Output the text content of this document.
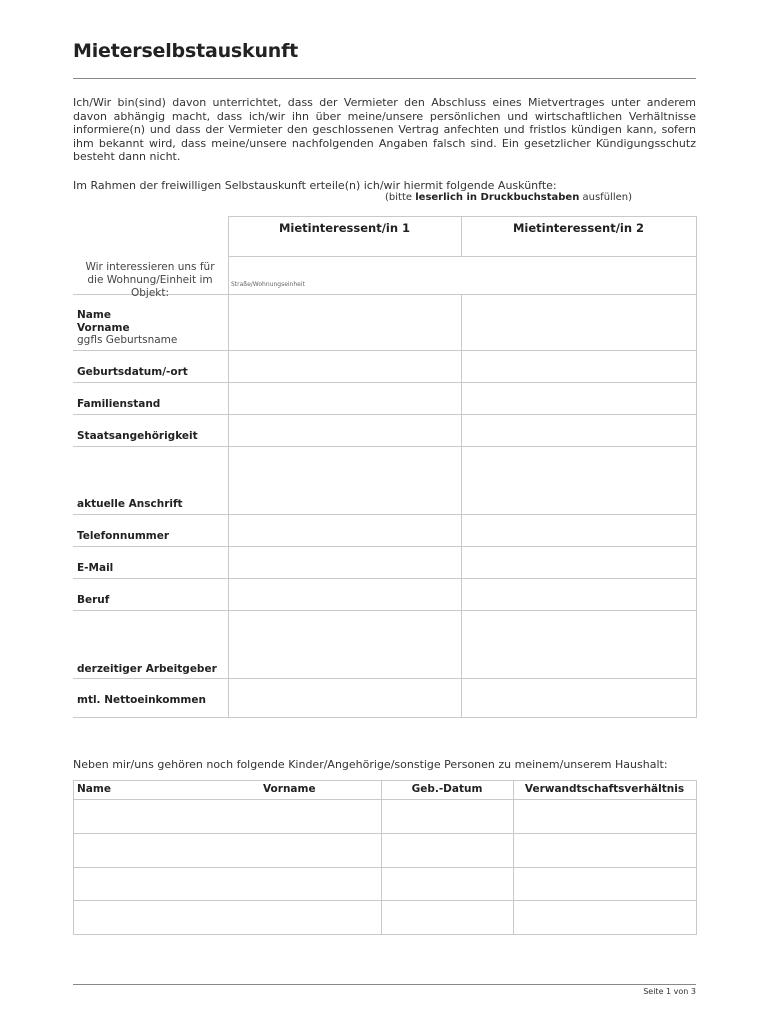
Mieterselbstauskunft

Ich/Wir bin(sind) davon unterrichtet, dass der Vermieter den Abschluss eines Mietvertrages unter anderem davon abhängig macht, dass ich/wir ihn über meine/unsere persönlichen und wirtschaftlichen Verhältnisse informiere(n) und dass der Vermieter den geschlossenen Vertrag anfechten und fristlos kündigen kann, sofern ihm bekannt wird, dass meine/unsere nachfolgenden Angaben falsch sind. Ein gesetzlicher Kündigungsschutz besteht dann nicht.

Im Rahmen der freiwilligen Selbstauskunft erteile(n) ich/wir hiermit folgende Auskünfte:

(bitte leserlich in Druckbuchstaben ausfüllen)

Mietinteressent/in 1	Mietinteressent/in 2
Wir interessieren uns für die Wohnung/Einheit im Objekt:
Straße/Wohnungseinheit
Name
Vorname
ggfls Geburtsname
Geburtsdatum/-ort
Familienstand
Staatsangehörigkeit
aktuelle Anschrift
Telefonnummer
E-Mail
Beruf
derzeitiger Arbeitgeber
mtl. Nettoeinkommen

Neben mir/uns gehören noch folgende Kinder/Angehörige/sonstige Personen zu meinem/unserem Haushalt:

Name	Vorname	Geb.-Datum	Verwandtschaftsverhältnis
Seite 1 von 3
